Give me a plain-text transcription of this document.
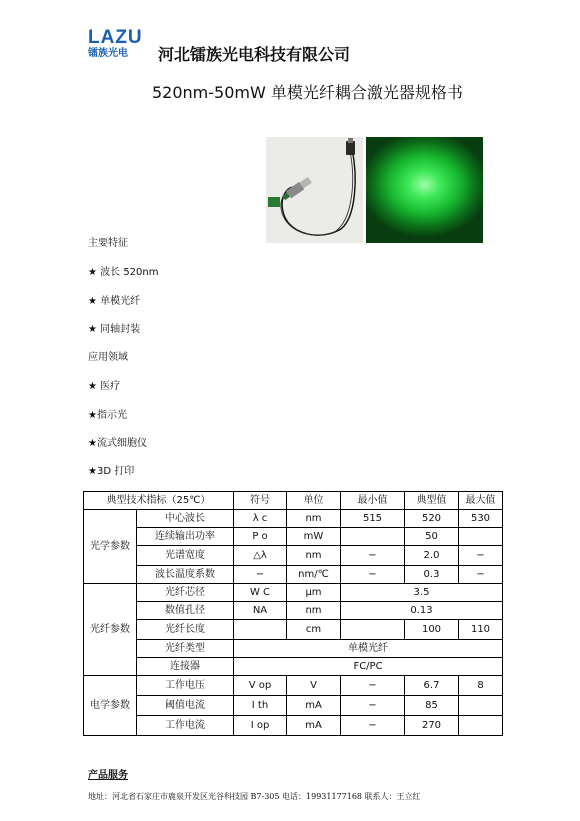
LAZU
镭族光电 河北镭族光电科技有限公司
520nm-50mW 单模光纤耦合激光器规格书
主要特征
★ 波长 520nm
★ 单模光纤
★ 同轴封装
应用领域
★ 医疗
★指示光
★流式细胞仪
★3D 打印
典型技术指标（25℃）		符号	单位	最小值	典型值	最大值
光学参数	中心波长	λ c	nm	515	520	530
	连续输出功率	P o	mW		50	
	光谱宽度	△λ	nm	−	2.0	−
	波长温度系数	−	nm/℃	−	0.3	−
光纤参数	光纤芯径	W C	μm	3.5		
	数值孔径	NA	nm	0.13		
	光纤长度		cm		100	110
	光纤类型	单模光纤				
	连接器	FC/PC				
电学参数	工作电压	V op	V	−	6.7	8
	阈值电流	I th	mA	−	85	
	工作电流	I op	mA	−	270	
产品服务
地址：河北省石家庄市鹿泉开发区光谷科技园 B7-305 电话：19931177168 联系人：王立红
